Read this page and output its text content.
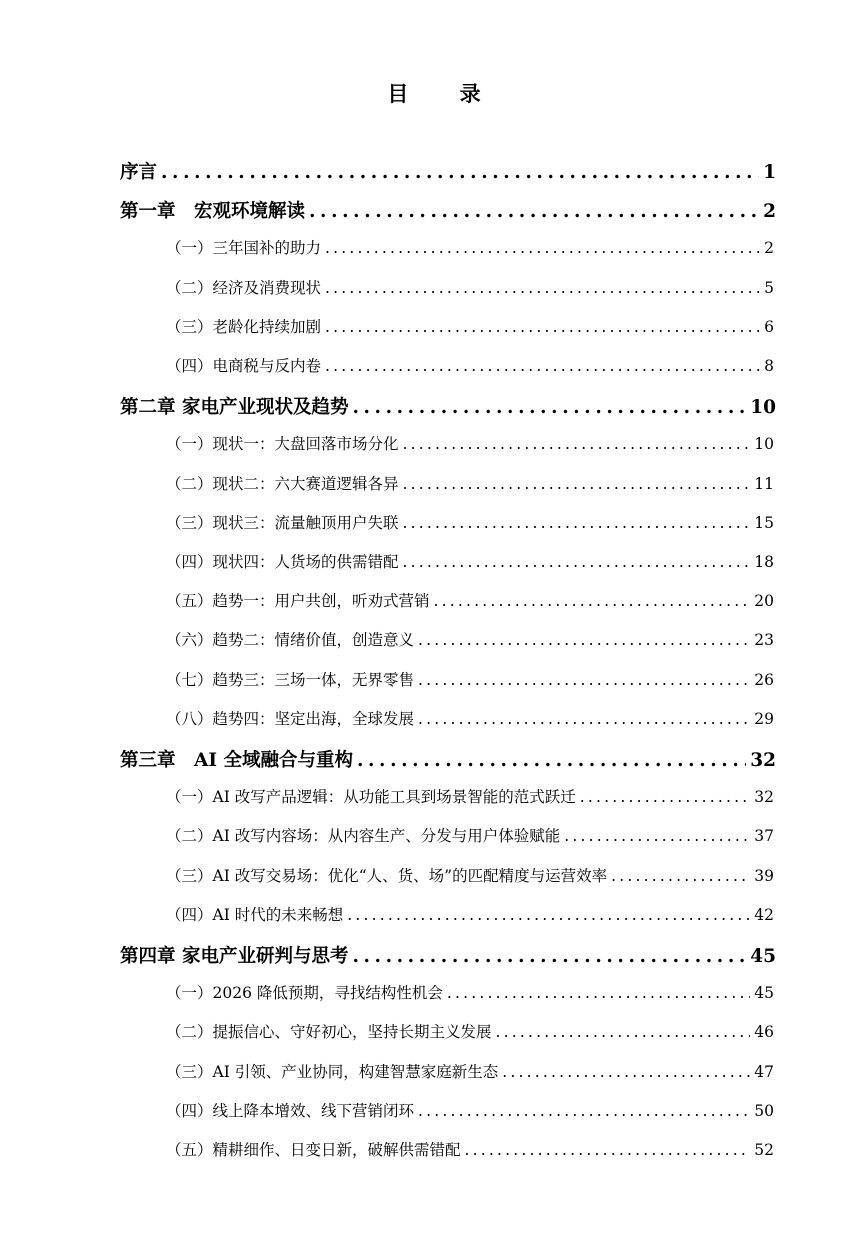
目 录
序言 .....	1
第一章　宏观环境解读 .....	2
（一）三年国补的助力 .....	2
（二）经济及消费现状 .....	5
（三）老龄化持续加剧 .....	6
（四）电商税与反内卷 .....	8
第二章 家电产业现状及趋势 .....	10
（一）现状一：大盘回落市场分化 .....	10
（二）现状二：六大赛道逻辑各异 .....	11
（三）现状三：流量触顶用户失联 .....	15
（四）现状四：人货场的供需错配 .....	18
（五）趋势一：用户共创，听劝式营销 .....	20
（六）趋势二：情绪价值，创造意义 .....	23
（七）趋势三：三场一体，无界零售 .....	26
（八）趋势四：坚定出海，全球发展 .....	29
第三章　AI 全域融合与重构 .....	32
（一）AI 改写产品逻辑：从功能工具到场景智能的范式跃迁 .....	32
（二）AI 改写内容场：从内容生产、分发与用户体验赋能 .....	37
（三）AI 改写交易场：优化“人、货、场”的匹配精度与运营效率 .....	39
（四）AI 时代的未来畅想 .....	42
第四章 家电产业研判与思考 .....	45
（一）2026 降低预期，寻找结构性机会 .....	45
（二）提振信心、守好初心，坚持长期主义发展 .....	46
（三）AI 引领、产业协同，构建智慧家庭新生态 .....	47
（四）线上降本增效、线下营销闭环 .....	50
（五）精耕细作、日变日新，破解供需错配 .....	52
